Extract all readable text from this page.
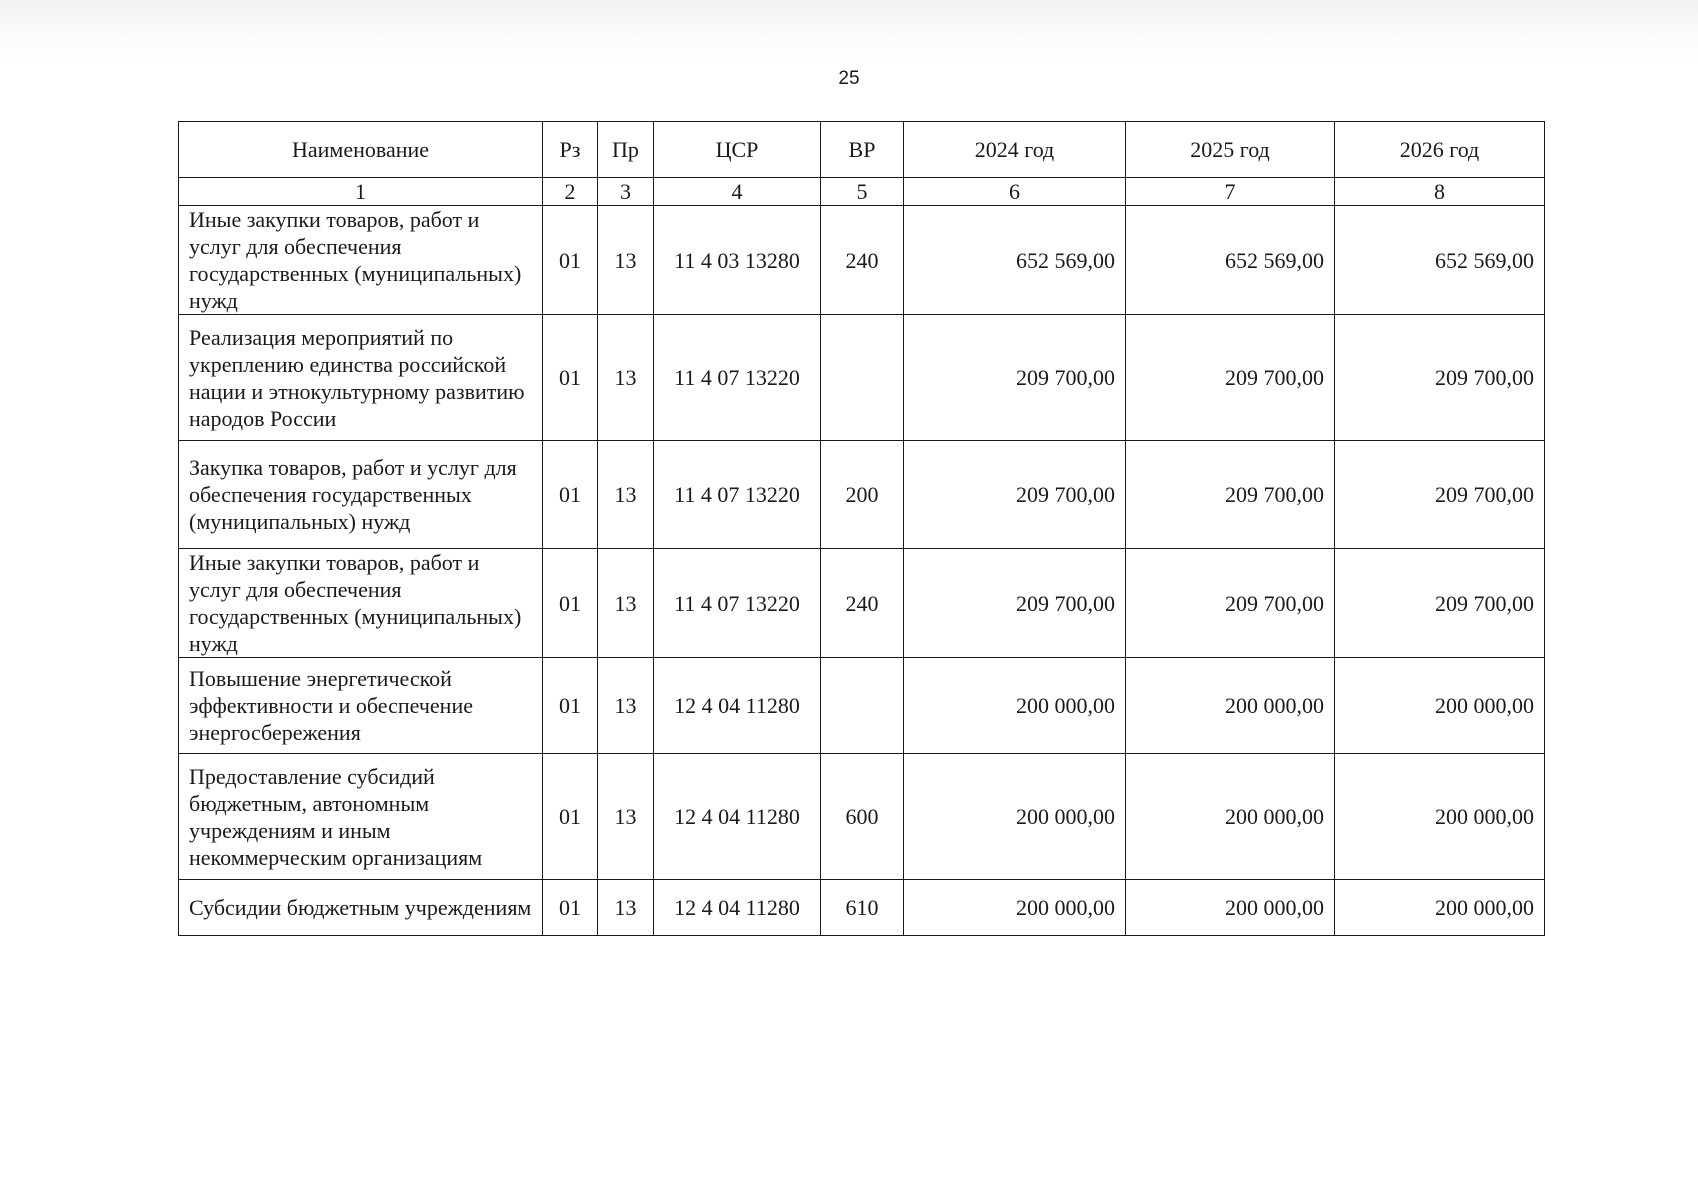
25
Наименование	Рз	Пр	ЦСР	ВР	2024 год	2025 год	2026 год
1	2	3	4	5	6	7	8
Иные закупки товаров, работ и услуг для обеспечения государственных (муниципальных) нужд	01	13	11 4 03 13280	240	652 569,00	652 569,00	652 569,00
Реализация мероприятий по укреплению единства российской нации и этнокультурному развитию народов России	01	13	11 4 07 13220		209 700,00	209 700,00	209 700,00
Закупка товаров, работ и услуг для обеспечения государственных (муниципальных) нужд	01	13	11 4 07 13220	200	209 700,00	209 700,00	209 700,00
Иные закупки товаров, работ и услуг для обеспечения государственных (муниципальных) нужд	01	13	11 4 07 13220	240	209 700,00	209 700,00	209 700,00
Повышение энергетической эффективности и обеспечение энергосбережения	01	13	12 4 04 11280		200 000,00	200 000,00	200 000,00
Предоставление субсидий бюджетным, автономным учреждениям и иным некоммерческим организациям	01	13	12 4 04 11280	600	200 000,00	200 000,00	200 000,00
Субсидии бюджетным учреждениям	01	13	12 4 04 11280	610	200 000,00	200 000,00	200 000,00
